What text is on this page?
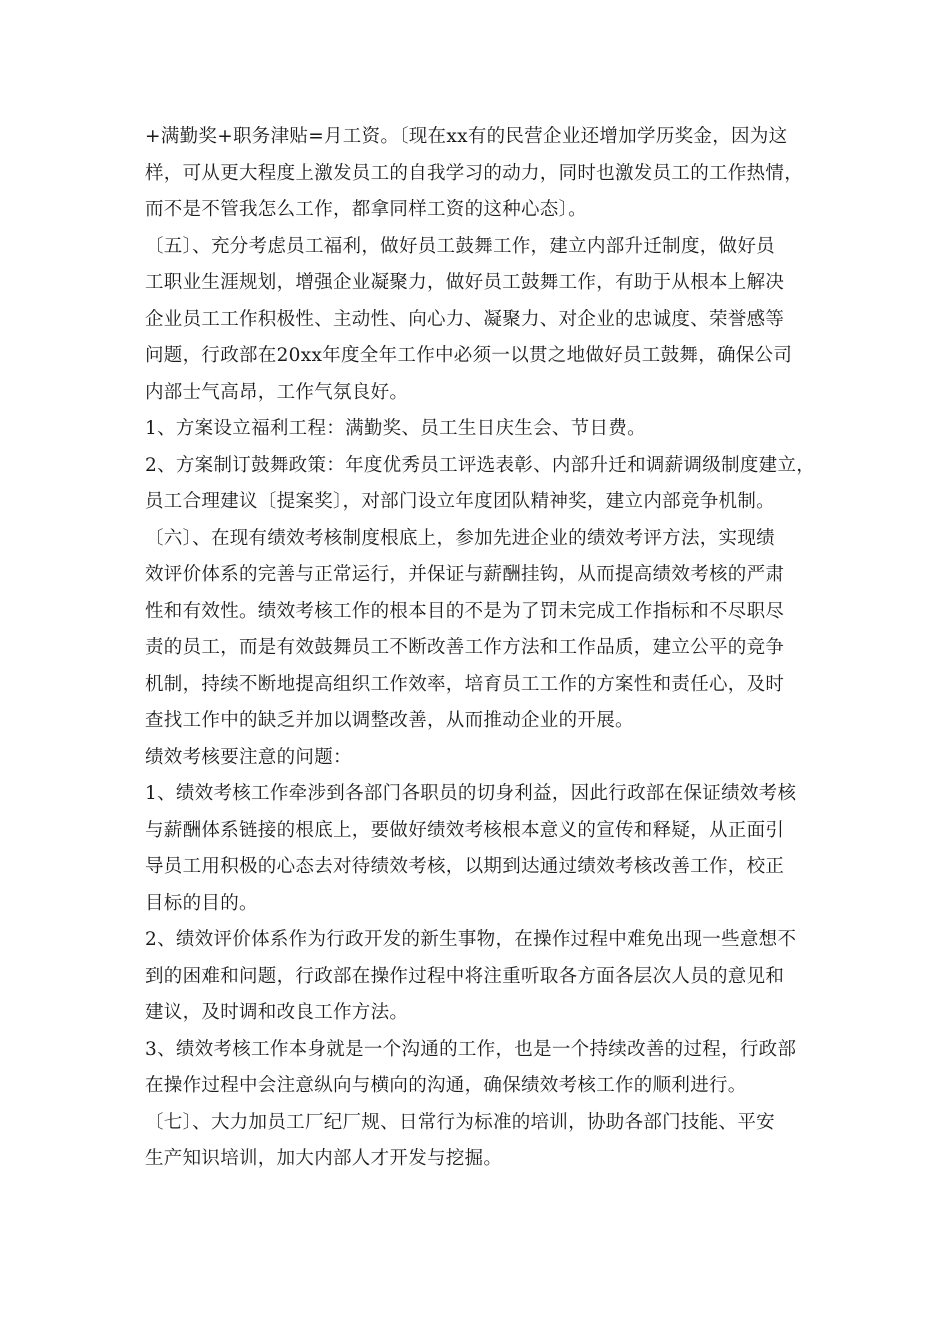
+满勤奖+职务津贴=月工资。〔现在xx有的民营企业还增加学历奖金，因为这
样，可从更大程度上激发员工的自我学习的动力，同时也激发员工的工作热情，
而不是不管我怎么工作，都拿同样工资的这种心态〕。
〔五〕、充分考虑员工福利，做好员工鼓舞工作，建立内部升迁制度，做好员
工职业生涯规划，增强企业凝聚力，做好员工鼓舞工作，有助于从根本上解决
企业员工工作积极性、主动性、向心力、凝聚力、对企业的忠诚度、荣誉感等
问题，行政部在20xx年度全年工作中必须一以贯之地做好员工鼓舞，确保公司
内部士气高昂，工作气氛良好。
1、方案设立福利工程：满勤奖、员工生日庆生会、节日费。
2、方案制订鼓舞政策：年度优秀员工评选表彰、内部升迁和调薪调级制度建立，
员工合理建议〔提案奖〕，对部门设立年度团队精神奖，建立内部竞争机制。
〔六〕、在现有绩效考核制度根底上，参加先进企业的绩效考评方法，实现绩
效评价体系的完善与正常运行，并保证与薪酬挂钩，从而提高绩效考核的严肃
性和有效性。绩效考核工作的根本目的不是为了罚未完成工作指标和不尽职尽
责的员工，而是有效鼓舞员工不断改善工作方法和工作品质，建立公平的竞争
机制，持续不断地提高组织工作效率，培育员工工作的方案性和责任心，及时
查找工作中的缺乏并加以调整改善，从而推动企业的开展。
绩效考核要注意的问题：
1、绩效考核工作牵涉到各部门各职员的切身利益，因此行政部在保证绩效考核
与薪酬体系链接的根底上，要做好绩效考核根本意义的宣传和释疑，从正面引
导员工用积极的心态去对待绩效考核，以期到达通过绩效考核改善工作，校正
目标的目的。
2、绩效评价体系作为行政开发的新生事物，在操作过程中难免出现一些意想不
到的困难和问题，行政部在操作过程中将注重听取各方面各层次人员的意见和
建议，及时调和改良工作方法。
3、绩效考核工作本身就是一个沟通的工作，也是一个持续改善的过程，行政部
在操作过程中会注意纵向与横向的沟通，确保绩效考核工作的顺利进行。
〔七〕、大力加员工厂纪厂规、日常行为标准的培训，协助各部门技能、平安
生产知识培训，加大内部人才开发与挖掘。
